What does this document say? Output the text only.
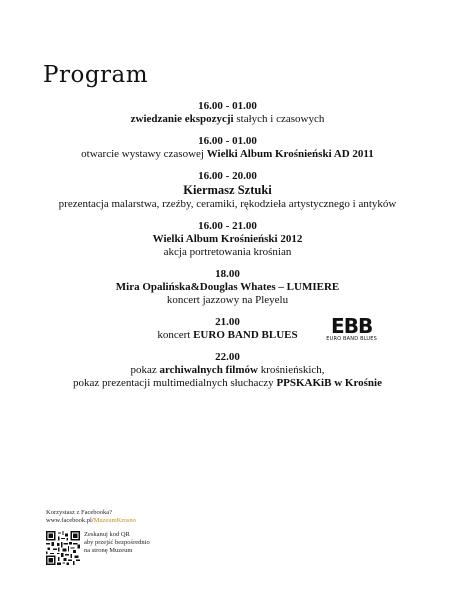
Program
16.00 - 01.00
zwiedzanie ekspozycji stałych i czasowych
16.00 - 01.00
otwarcie wystawy czasowej Wielki Album Krośnieński AD 2011
16.00 - 20.00
Kiermasz Sztuki
prezentacja malarstwa, rzeźby, ceramiki, rękodzieła artystycznego i antyków
16.00 - 21.00
Wielki Album Krośnieński 2012
akcja portretowania krośnian
18.00
Mira Opalińska&Douglas Whates – LUMIERE
koncert jazzowy na Pleyelu
21.00
koncert EURO BAND BLUES EBB
EURO BAND BLUES
22.00
pokaz archiwalnych filmów krośnieńskich,
pokaz prezentacji multimedialnych słuchaczy PPSKAKiB w Krośnie
Korzystasz z Facebooka?
www.facebook.pl/MuzeumKrosno
Zeskanuj kod QR
aby przejść bezpośrednio
na stronę Muzeum
